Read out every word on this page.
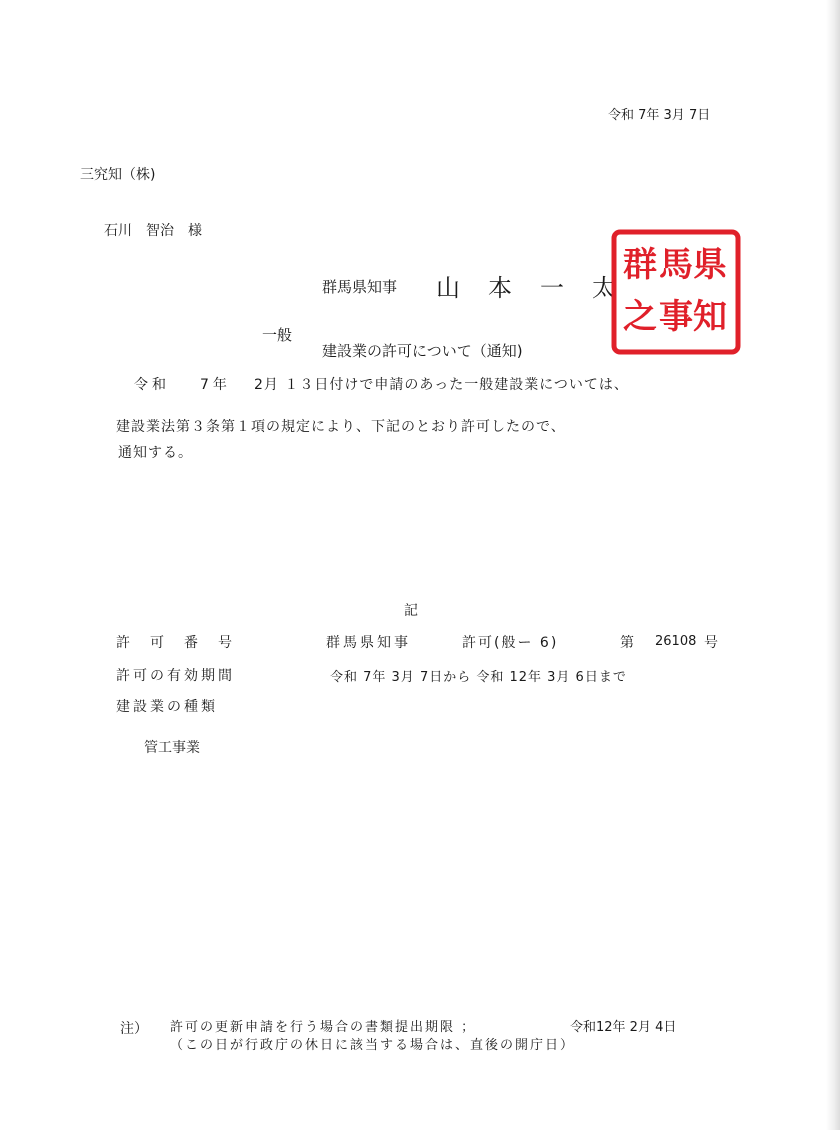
令和 7年 3月 7日
三究知（株)
石川　智治　様
群馬県知事 山　本　一　太
県
知
馬
事
群
之
一般
建設業の許可について（通知)
令和 7年 2月 １３日付けで申請のあった一般建設業については、
建設業法第３条第１項の規定により、下記のとおり許可したので、
通知する。
記
許　可　番　号	群馬県知事	許可(般ー 6)	第 26108 号
許可の有効期間	令和 7年 3月 7日から 令和 12年 3月 6日まで
建設業の種類
管工事業
注） 許可の更新申請を行う場合の書類提出期限 ；	令和12年 2月 4日
（この日が行政庁の休日に該当する場合は、直後の開庁日）
